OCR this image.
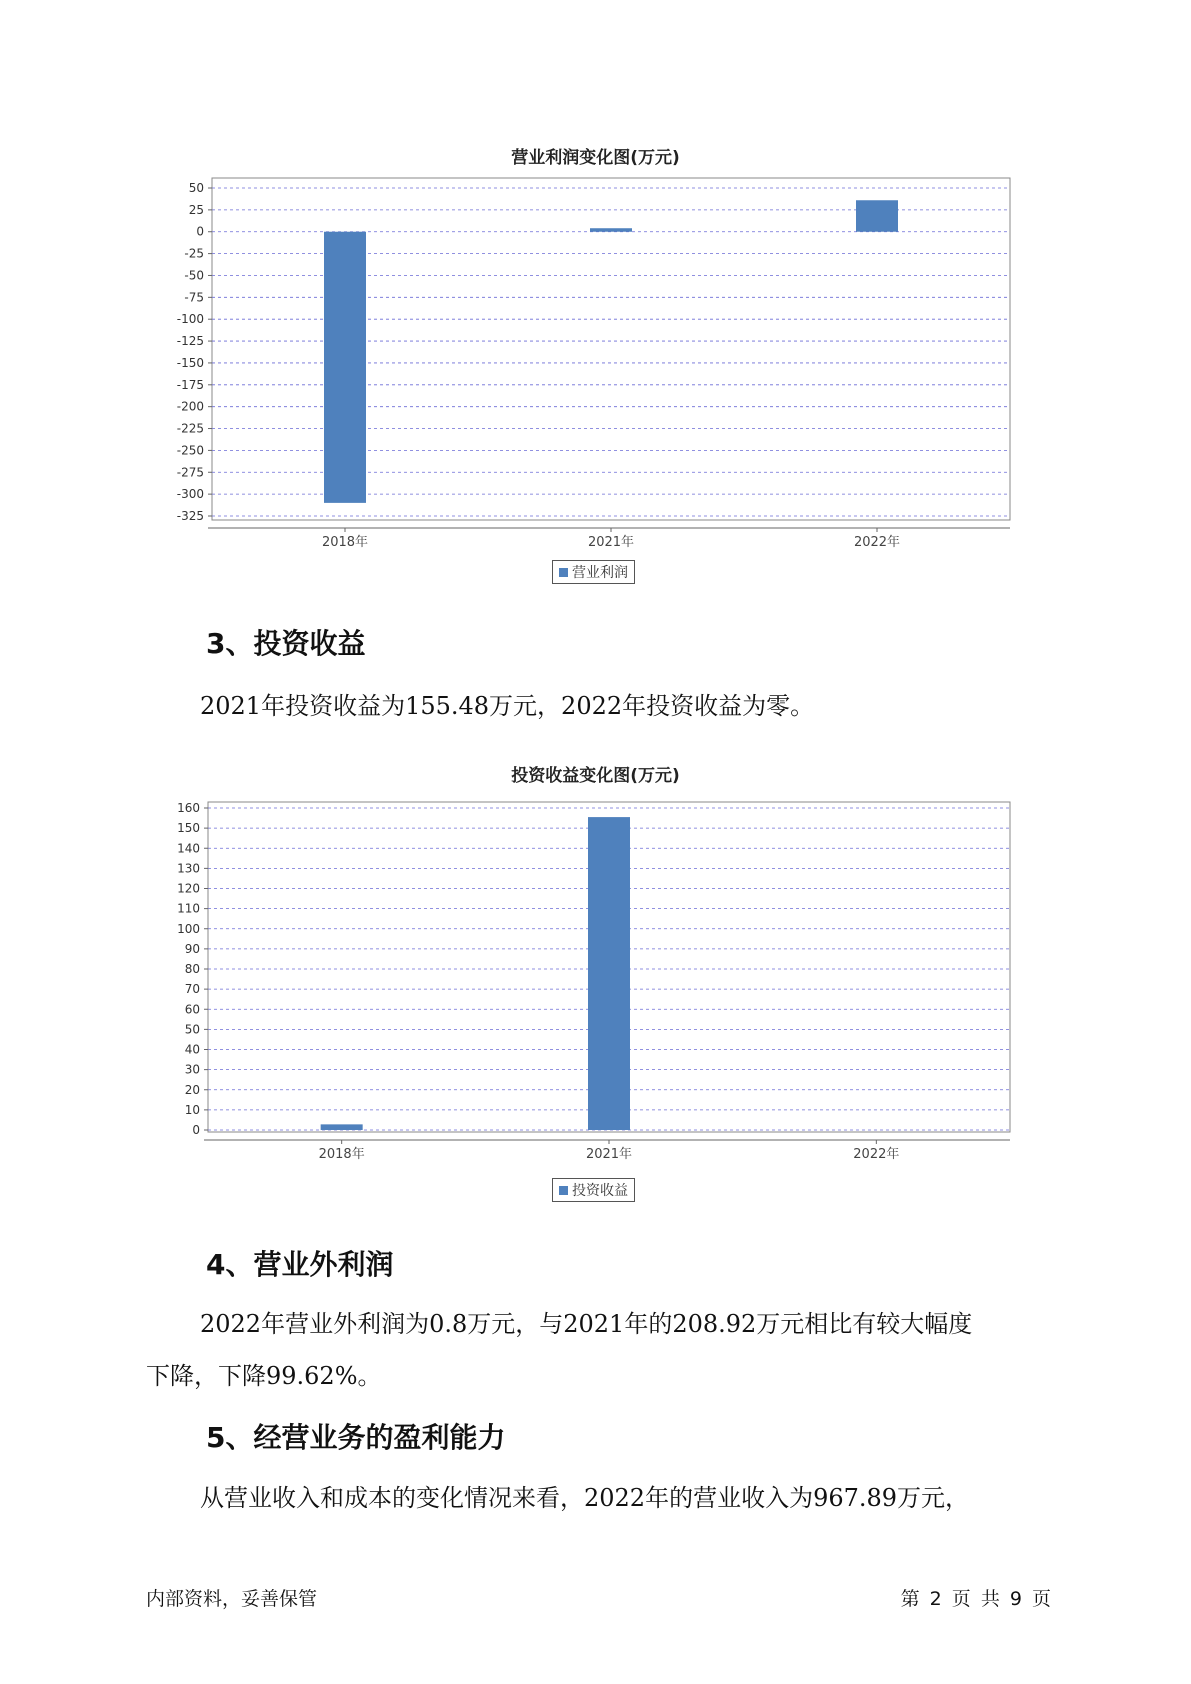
营业利润变化图(万元)
50
25
0
-25
-50
-75
-100
-125
-150
-175
-200
-225
-250
-275
-300
-325
2018年	2021年	2022年
营业利润
3、投资收益
2021年投资收益为155.48万元，2022年投资收益为零。
投资收益变化图(万元)
160
150
140
130
120
110
100
90
80
70
60
50
40
30
20
10
0
2018年	2021年	2022年
投资收益
4、营业外利润
2022年营业外利润为0.8万元，与2021年的208.92万元相比有较大幅度
下降，下降99.62%。
5、经营业务的盈利能力
从营业收入和成本的变化情况来看，2022年的营业收入为967.89万元，
内部资料，妥善保管	第 2 页 共 9 页
